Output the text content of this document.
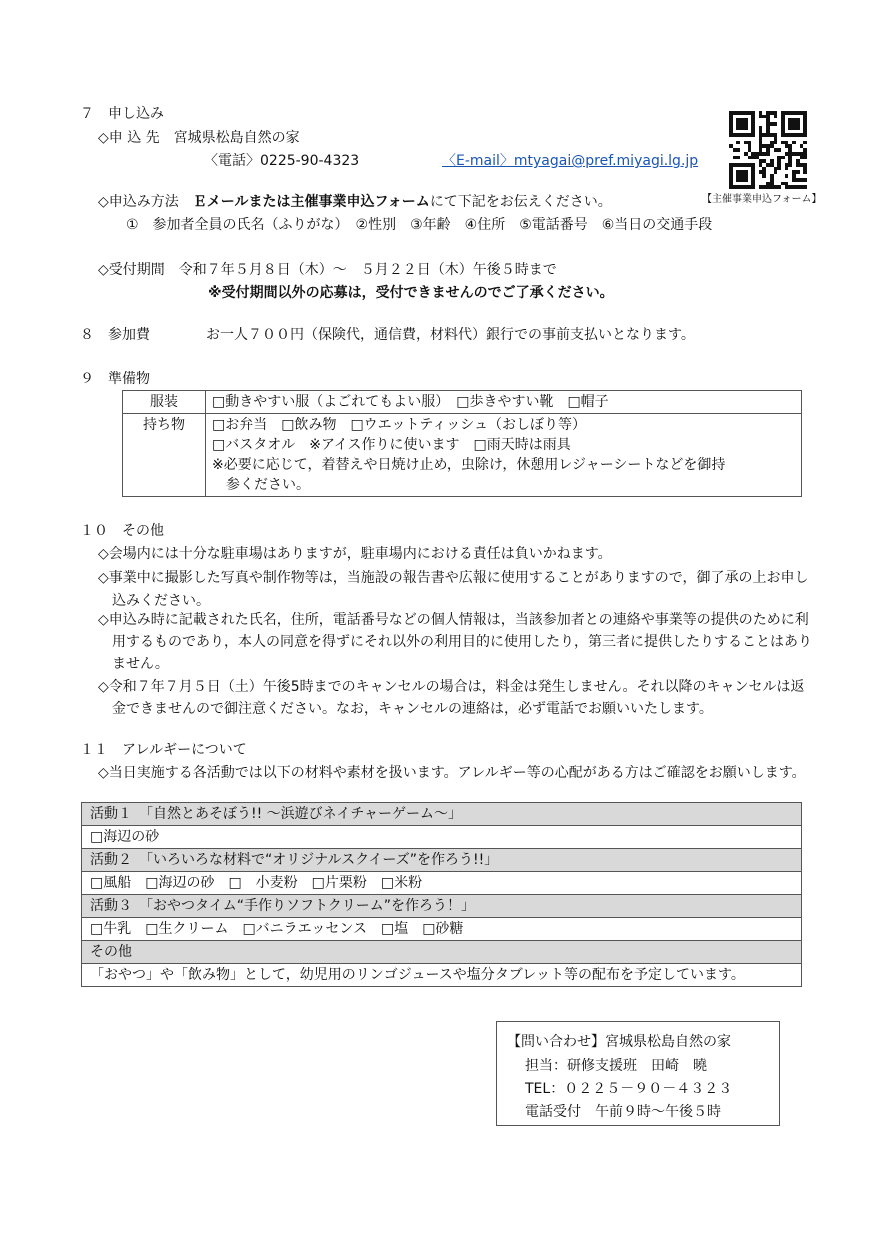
７　申し込み
◇申 込 先　宮城県松島自然の家
〈電話〉0225-90-4323	〈E-mail〉mtyagai@pref.miyagi.lg.jp
【主催事業申込フォーム】
◇申込み方法　Ｅメールまたは主催事業申込フォームにて下記をお伝えください。
①　参加者全員の氏名（ふりがな）　②性別　③年齢　④住所　⑤電話番号　⑥当日の交通手段
◇受付期間　令和７年５月８日（木）～　５月２２日（木）午後５時まで
※受付期間以外の応募は，受付できませんのでご了承ください。
８　参加費	お一人７００円（保険代，通信費，材料代）銀行での事前支払いとなります。
９　準備物
服装	□動きやすい服（よごれてもよい服）　□歩きやすい靴　□帽子
持ち物	□お弁当　□飲み物　□ウエットティッシュ（おしぼり等）
□バスタオル　※アイス作りに使います　□雨天時は雨具
※必要に応じて，着替えや日焼け止め，虫除け，休憩用レジャーシートなどを御持
参ください。
１０　その他
◇会場内には十分な駐車場はありますが，駐車場内における責任は負いかねます。
◇事業中に撮影した写真や制作物等は，当施設の報告書や広報に使用することがありますので，御了承の上お申し
込みください。
◇申込み時に記載された氏名，住所，電話番号などの個人情報は，当該参加者との連絡や事業等の提供のために利
用するものであり，本人の同意を得ずにそれ以外の利用目的に使用したり，第三者に提供したりすることはあり
ません。
◇令和７年７月５日（土）午後5時までのキャンセルの場合は，料金は発生しません。それ以降のキャンセルは返
金できませんので御注意ください。なお，キャンセルの連絡は，必ず電話でお願いいたします。
１１　アレルギーについて
◇当日実施する各活動では以下の材料や素材を扱います。アレルギー等の心配がある方はご確認をお願いします。
活動１　「自然とあそぼう!! ～浜遊びネイチャーゲーム～」
□海辺の砂
活動２　「いろいろな材料で“オリジナルスクイーズ”を作ろう!!」
□風船　□海辺の砂　□　小麦粉　□片栗粉　□米粉
活動３　「おやつタイム“手作りソフトクリーム”を作ろう！」
□牛乳　□生クリーム　□バニラエッセンス　□塩　□砂糖
その他
「おやつ」や「飲み物」として，幼児用のリンゴジュースや塩分タブレット等の配布を予定しています。
【問い合わせ】宮城県松島自然の家
担当：研修支援班　田崎　曉
TEL：０２２５－９０－４３２３
電話受付　午前９時～午後５時
